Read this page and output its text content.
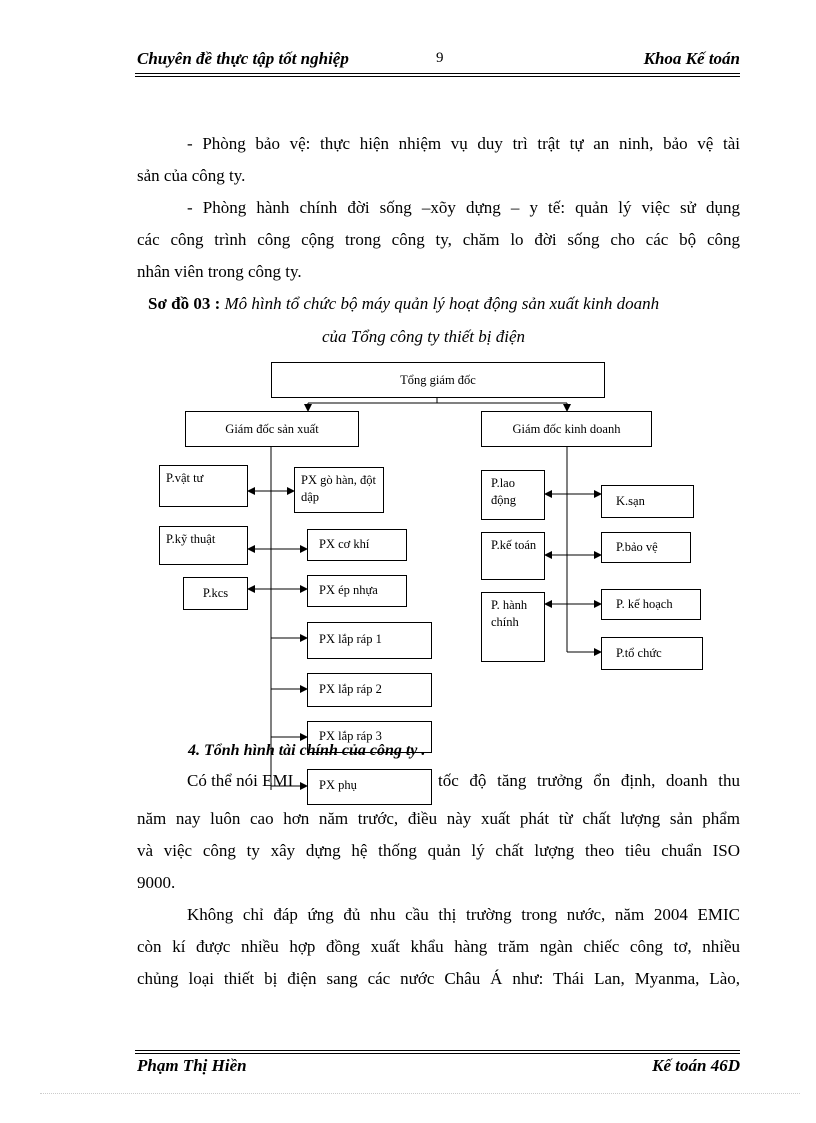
Chuyên đề thực tập tốt nghiệp	9	Khoa Kế toán
- Phòng bảo vệ: thực hiện nhiệm vụ duy trì trật tự an ninh, bảo vệ tài
sản của công ty.
- Phòng hành chính đời sống –xõy dựng – y tế: quản lý việc sử dụng
các công trình công cộng trong công ty, chăm lo đời sống cho các bộ công
nhân viên trong công ty.
Sơ đồ 03 : Mô hình tổ chức bộ máy quản lý hoạt động sản xuất kinh doanh
của Tổng công ty thiết bị điện
Tổng giám đốc
Giám đốc sản xuất	Giám đốc kinh doanh
P.vật tư
P.kỹ thuật
P.kcs
PX gò hàn, đột dập
PX cơ khí
PX ép nhựa
PX lắp ráp 1
PX lắp ráp 2
PX lắp ráp 3
P.lao động
P.kế toán
P. hành chính
K.sạn
P.bảo vệ
P. kế hoạch
P.tổ chức
4. Tổnh hình tài chính của công ty .
Có thể nói EMI	tốc độ tăng trưởng ổn định, doanh thu
PX phụ
năm nay luôn cao hơn năm trước, điều này xuất phát từ chất lượng sản phẩm
và việc công ty xây dựng hệ thống quản lý chất lượng theo tiêu chuẩn ISO
9000.
Không chỉ đáp ứng đủ nhu cầu thị trường trong nước, năm 2004 EMIC
còn kí được nhiều hợp đồng xuất khẩu hàng trăm ngàn chiếc công tơ, nhiều
chủng loại thiết bị điện sang các nước Châu Á như: Thái Lan, Myanma, Lào,
Phạm Thị Hiền	Kế toán 46D
